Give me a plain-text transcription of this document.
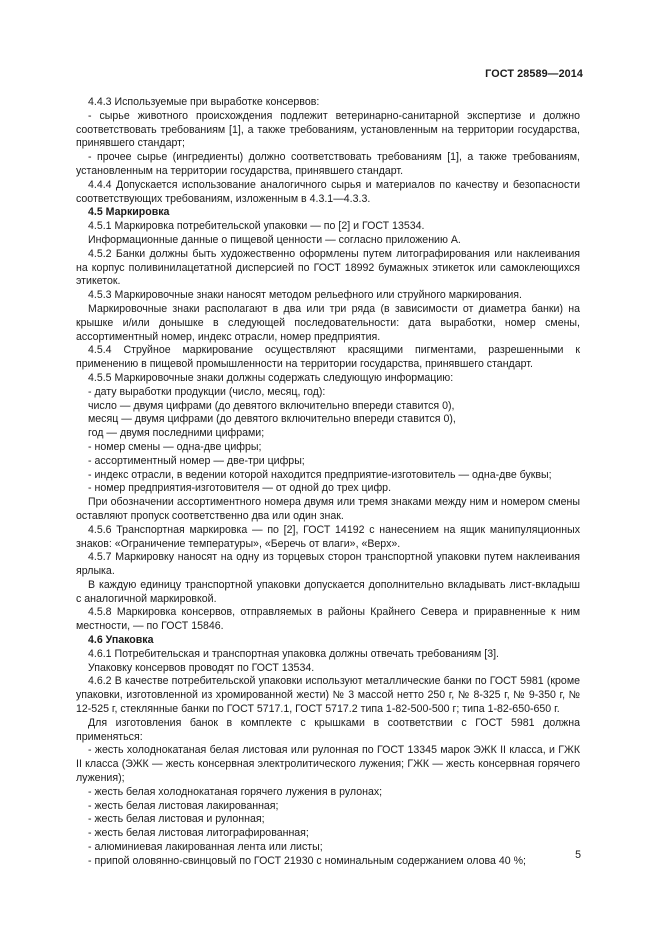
ГОСТ 28589—2014

4.4.3 Используемые при выработке консервов:

- сырье животного происхождения подлежит ветеринарно-санитарной экспертизе и должно соответствовать требованиям [1], а также требованиям, установленным на территории государства, принявшего стандарт;

- прочее сырье (ингредиенты) должно соответствовать требованиям [1], а также требованиям, установленным на территории государства, принявшего стандарт.

4.4.4 Допускается использование аналогичного сырья и материалов по качеству и безопасности соответствующих требованиям, изложенным в 4.3.1—4.3.3.

4.5 Маркировка

4.5.1 Маркировка потребительской упаковки — по [2] и ГОСТ 13534.

Информационные данные о пищевой ценности — согласно приложению А.

4.5.2 Банки должны быть художественно оформлены путем литографирования или наклеивания на корпус поливинилацетатной дисперсией по ГОСТ 18992 бумажных этикеток или самоклеющихся этикеток.

4.5.3 Маркировочные знаки наносят методом рельефного или струйного маркирования.

Маркировочные знаки располагают в два или три ряда (в зависимости от диаметра банки) на крышке и/или донышке в следующей последовательности: дата выработки, номер смены, ассортиментный номер, индекс отрасли, номер предприятия.

4.5.4 Струйное маркирование осуществляют красящими пигментами, разрешенными к применению в пищевой промышленности на территории государства, принявшего стандарт.

4.5.5 Маркировочные знаки должны содержать следующую информацию:

- дату выработки продукции (число, месяц, год):

число — двумя цифрами (до девятого включительно впереди ставится 0),

месяц — двумя цифрами (до девятого включительно впереди ставится 0),

год — двумя последними цифрами;

- номер смены — одна-две цифры;

- ассортиментный номер — две-три цифры;

- индекс отрасли, в ведении которой находится предприятие-изготовитель — одна-две буквы;

- номер предприятия-изготовителя — от одной до трех цифр.

При обозначении ассортиментного номера двумя или тремя знаками между ним и номером смены оставляют пропуск соответственно два или один знак.

4.5.6 Транспортная маркировка — по [2], ГОСТ 14192 с нанесением на ящик манипуляционных знаков: «Ограничение температуры», «Беречь от влаги», «Верх».

4.5.7 Маркировку наносят на одну из торцевых сторон транспортной упаковки путем наклеивания ярлыка.

В каждую единицу транспортной упаковки допускается дополнительно вкладывать лист-вкладыш с аналогичной маркировкой.

4.5.8 Маркировка консервов, отправляемых в районы Крайнего Севера и приравненные к ним местности, — по ГОСТ 15846.

4.6 Упаковка

4.6.1 Потребительская и транспортная упаковка должны отвечать требованиям [3].

Упаковку консервов проводят по ГОСТ 13534.

4.6.2 В качестве потребительской упаковки используют металлические банки по ГОСТ 5981 (кроме упаковки, изготовленной из хромированной жести) № 3 массой нетто 250 г, № 8-325 г, № 9-350 г, № 12-525 г, стеклянные банки по ГОСТ 5717.1, ГОСТ 5717.2 типа 1-82-500-500 г; типа 1-82-650-650 г.

Для изготовления банок в комплекте с крышками в соответствии с ГОСТ 5981 должна применяться:

- жесть холоднокатаная белая листовая или рулонная по ГОСТ 13345 марок ЭЖК II класса, и ГЖК II класса (ЭЖК — жесть консервная электролитического лужения; ГЖК — жесть консервная горячего лужения);

- жесть белая холоднокатаная горячего лужения в рулонах;

- жесть белая листовая лакированная;

- жесть белая листовая и рулонная;

- жесть белая листовая литографированная;

- алюминиевая лакированная лента или листы;

- припой оловянно-свинцовый по ГОСТ 21930 с номинальным содержанием олова 40 %;	5
